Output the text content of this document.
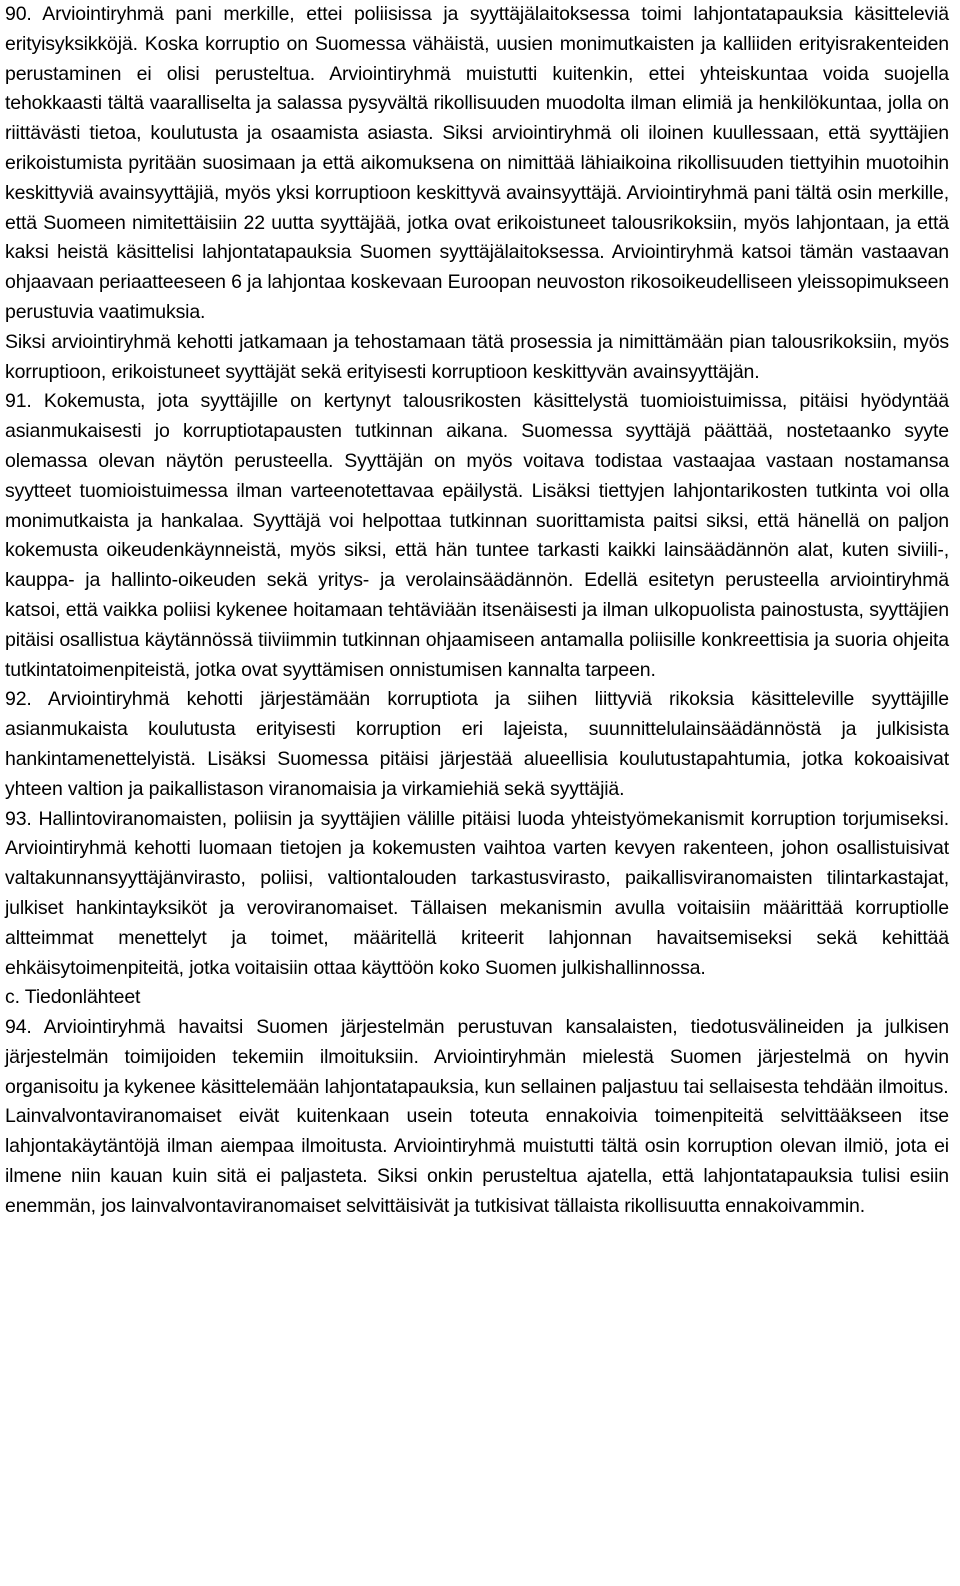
90. Arviointiryhmä pani merkille, ettei poliisissa ja syyttäjälaitoksessa toimi lahjontatapauksia käsitteleviä erityisyksikköjä. Koska korruptio on Suomessa vähäistä, uusien monimutkaisten ja kalliiden erityisrakenteiden perustaminen ei olisi perusteltua. Arviointiryhmä muistutti kuitenkin, ettei yhteiskuntaa voida suojella tehokkaasti tältä vaaralliselta ja salassa pysyvältä rikollisuuden muodolta ilman elimiä ja henkilökuntaa, jolla on riittävästi tietoa, koulutusta ja osaamista asiasta. Siksi arviointiryhmä oli iloinen kuullessaan, että syyttäjien erikoistumista pyritään suosimaan ja että aikomuksena on nimittää lähiaikoina rikollisuuden tiettyihin muotoihin keskittyviä avainsyyttäjiä, myös yksi korruptioon keskittyvä avainsyyttäjä. Arviointiryhmä pani tältä osin merkille, että Suomeen nimitettäisiin 22 uutta syyttäjää, jotka ovat erikoistuneet talousrikoksiin, myös lahjontaan, ja että kaksi heistä käsittelisi lahjontatapauksia Suomen syyttäjälaitoksessa. Arviointiryhmä katsoi tämän vastaavan ohjaavaan periaatteeseen 6 ja lahjontaa koskevaan Euroopan neuvoston rikosoikeudelliseen yleissopimukseen perustuvia vaatimuksia.

Siksi arviointiryhmä kehotti jatkamaan ja tehostamaan tätä prosessia ja nimittämään pian talousrikoksiin, myös korruptioon, erikoistuneet syyttäjät sekä erityisesti korruptioon keskittyvän avainsyyttäjän.

91. Kokemusta, jota syyttäjille on kertynyt talousrikosten käsittelystä tuomioistuimissa, pitäisi hyödyntää asianmukaisesti jo korruptiotapausten tutkinnan aikana. Suomessa syyttäjä päättää, nostetaanko syyte olemassa olevan näytön perusteella. Syyttäjän on myös voitava todistaa vastaajaa vastaan nostamansa syytteet tuomioistuimessa ilman varteenotettavaa epäilystä. Lisäksi tiettyjen lahjontarikosten tutkinta voi olla monimutkaista ja hankalaa. Syyttäjä voi helpottaa tutkinnan suorittamista paitsi siksi, että hänellä on paljon kokemusta oikeudenkäynneistä, myös siksi, että hän tuntee tarkasti kaikki lainsäädännön alat, kuten siviili-, kauppa- ja hallinto-oikeuden sekä yritys- ja verolainsäädännön. Edellä esitetyn perusteella arviointiryhmä katsoi, että vaikka poliisi kykenee hoitamaan tehtäviään itsenäisesti ja ilman ulkopuolista painostusta, syyttäjien pitäisi osallistua käytännössä tiiviimmin tutkinnan ohjaamiseen antamalla poliisille konkreettisia ja suoria ohjeita tutkintatoimenpiteistä, jotka ovat syyttämisen onnistumisen kannalta tarpeen.

92. Arviointiryhmä kehotti järjestämään korruptiota ja siihen liittyviä rikoksia käsitteleville syyttäjille asianmukaista koulutusta erityisesti korruption eri lajeista, suunnittelulainsäädännöstä ja julkisista hankintamenettelyistä. Lisäksi Suomessa pitäisi järjestää alueellisia koulutustapahtumia, jotka kokoaisivat yhteen valtion ja paikallistason viranomaisia ja virkamiehiä sekä syyttäjiä.

93. Hallintoviranomaisten, poliisin ja syyttäjien välille pitäisi luoda yhteistyömekanismit korruption torjumiseksi. Arviointiryhmä kehotti luomaan tietojen ja kokemusten vaihtoa varten kevyen rakenteen, johon osallistuisivat valtakunnansyyttäjänvirasto, poliisi, valtiontalouden tarkastusvirasto, paikallisviranomaisten tilintarkastajat, julkiset hankintayksiköt ja veroviranomaiset. Tällaisen mekanismin avulla voitaisiin määrittää korruptiolle altteimmat menettelyt ja toimet, määritellä kriteerit lahjonnan havaitsemiseksi sekä kehittää ehkäisytoimenpiteitä, jotka voitaisiin ottaa käyttöön koko Suomen julkishallinnossa.

c. Tiedonlähteet

94. Arviointiryhmä havaitsi Suomen järjestelmän perustuvan kansalaisten, tiedotusvälineiden ja julkisen järjestelmän toimijoiden tekemiin ilmoituksiin. Arviointiryhmän mielestä Suomen järjestelmä on hyvin organisoitu ja kykenee käsittelemään lahjontatapauksia, kun sellainen paljastuu tai sellaisesta tehdään ilmoitus.

Lainvalvontaviranomaiset eivät kuitenkaan usein toteuta ennakoivia toimenpiteitä selvittääkseen itse lahjontakäytäntöjä ilman aiempaa ilmoitusta. Arviointiryhmä muistutti tältä osin korruption olevan ilmiö, jota ei ilmene niin kauan kuin sitä ei paljasteta. Siksi onkin perusteltua ajatella, että lahjontatapauksia tulisi esiin enemmän, jos lainvalvontaviranomaiset selvittäisivät ja tutkisivat tällaista rikollisuutta ennakoivammin.
